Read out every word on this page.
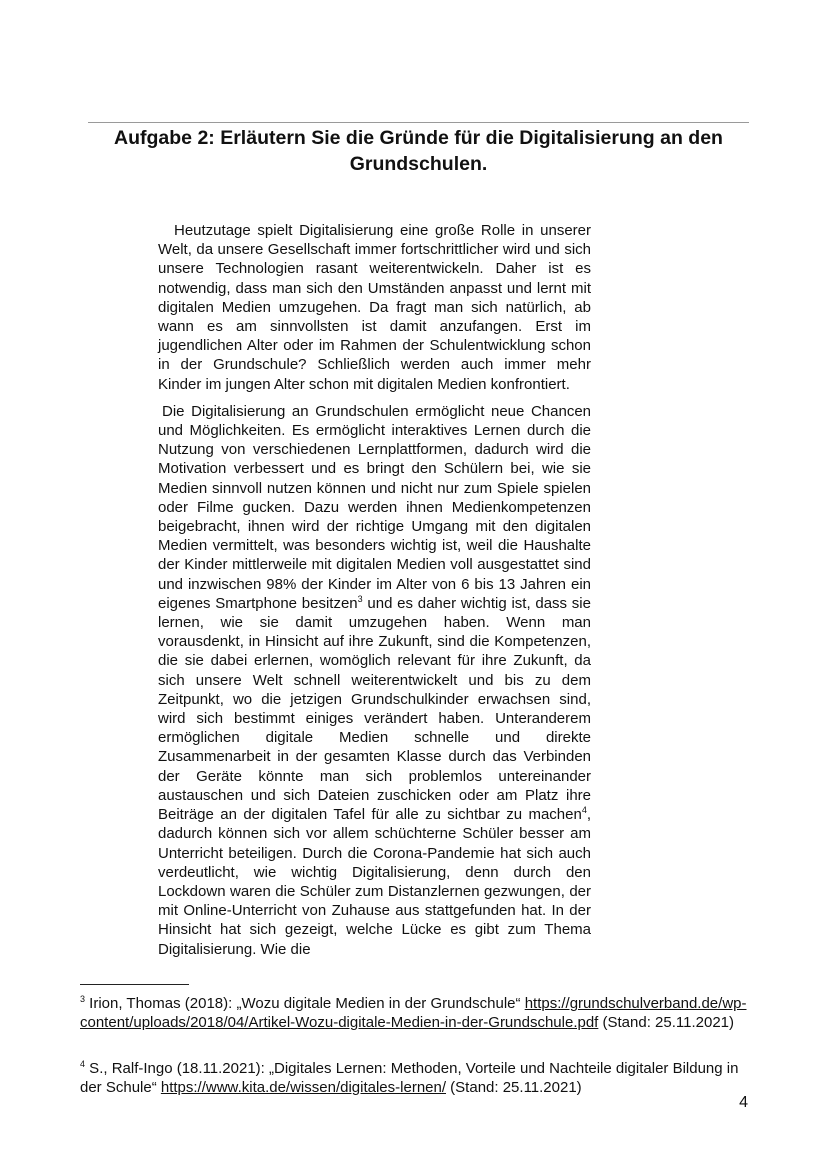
Aufgabe 2: Erläutern Sie die Gründe für die Digitalisierung an den
Grundschulen.

Heutzutage spielt Digitalisierung eine große Rolle in unserer Welt, da unsere Gesellschaft immer fortschrittlicher wird und sich unsere Technologien rasant weiterentwickeln. Daher ist es notwendig, dass man sich den Umständen anpasst und lernt mit digitalen Medien umzugehen. Da fragt man sich natürlich, ab wann es am sinnvollsten ist damit anzufangen. Erst im jugendlichen Alter oder im Rahmen der Schulentwicklung schon in der Grundschule? Schließlich werden auch immer mehr Kinder im jungen Alter schon mit digitalen Medien konfrontiert.

Die Digitalisierung an Grundschulen ermöglicht neue Chancen und Möglichkeiten. Es ermöglicht interaktives Lernen durch die Nutzung von verschiedenen Lernplattformen, dadurch wird die Motivation verbessert und es bringt den Schülern bei, wie sie Medien sinnvoll nutzen können und nicht nur zum Spiele spielen oder Filme gucken. Dazu werden ihnen Medienkompetenzen beigebracht, ihnen wird der richtige Umgang mit den digitalen Medien vermittelt, was besonders wichtig ist, weil die Haushalte der Kinder mittlerweile mit digitalen Medien voll ausgestattet sind und inzwischen 98% der Kinder im Alter von 6 bis 13 Jahren ein eigenes Smartphone besitzen$^3$ und es daher wichtig ist, dass sie lernen, wie sie damit umzugehen haben. Wenn man vorausdenkt, in Hinsicht auf ihre Zukunft, sind die Kompetenzen, die sie dabei erlernen, womöglich relevant für ihre Zukunft, da sich unsere Welt schnell weiterentwickelt und bis zu dem Zeitpunkt, wo die jetzigen Grundschulkinder erwachsen sind, wird sich bestimmt einiges verändert haben. Unteranderem ermöglichen digitale Medien schnelle und direkte Zusammenarbeit in der gesamten Klasse durch das Verbinden der Geräte könnte man sich problemlos untereinander austauschen und sich Dateien zuschicken oder am Platz ihre Beiträge an der digitalen Tafel für alle zu sichtbar zu machen$^4$, dadurch können sich vor allem schüchterne Schüler besser am Unterricht beteiligen. Durch die Corona-Pandemie hat sich auch verdeutlicht, wie wichtig Digitalisierung, denn durch den Lockdown waren die Schüler zum Distanzlernen gezwungen, der mit Online-Unterricht von Zuhause aus stattgefunden hat. In der Hinsicht hat sich gezeigt, welche Lücke es gibt zum Thema Digitalisierung. Wie die

$^3$ Irion, Thomas (2018): „Wozu digitale Medien in der Grundschule“ https://grundschulverband.de/wp-content/uploads/2018/04/Artikel-Wozu-digitale-Medien-in-der-Grundschule.pdf (Stand: 25.11.2021)

$^4$ S., Ralf-Ingo (18.11.2021): „Digitales Lernen: Methoden, Vorteile und Nachteile digitaler Bildung in der Schule“ https://www.kita.de/wissen/digitales-lernen/ (Stand: 25.11.2021)

4
